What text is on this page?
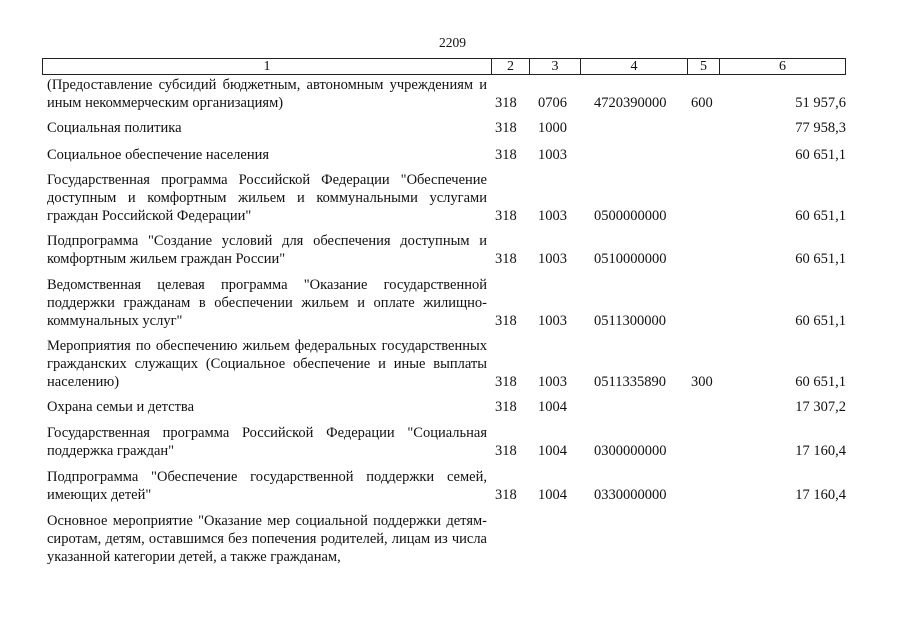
2209
1	2	3	4	5	6
(Предоставление субсидий бюджетным, автономным учреждениям и иным некоммерческим организациям)	318 0706 4720390000 600	51 957,6
Социальная политика	318 1000	77 958,3
Социальное обеспечение населения	318 1003	60 651,1
Государственная программа Российской Федерации "Обеспечение доступным и комфортным жильем и коммунальными услугами граждан Российской Федерации"	318 1003 0500000000	60 651,1
Подпрограмма "Создание условий для обеспечения доступным и комфортным жильем граждан России"	318 1003 0510000000	60 651,1
Ведомственная целевая программа "Оказание государственной поддержки гражданам в обеспечении жильем и оплате жилищно-коммунальных услуг"	318 1003 0511300000	60 651,1
Мероприятия по обеспечению жильем федеральных государственных гражданских служащих (Социальное обеспечение и иные выплаты населению)	318 1003 0511335890 300	60 651,1
Охрана семьи и детства	318 1004	17 307,2
Государственная программа Российской Федерации "Социальная поддержка граждан"	318 1004 0300000000	17 160,4
Подпрограмма "Обеспечение государственной поддержки семей, имеющих детей"	318 1004 0330000000	17 160,4
Основное мероприятие "Оказание мер социальной поддержки детям-сиротам, детям, оставшимся без попечения родителей, лицам из числа указанной категории детей, а также гражданам,
